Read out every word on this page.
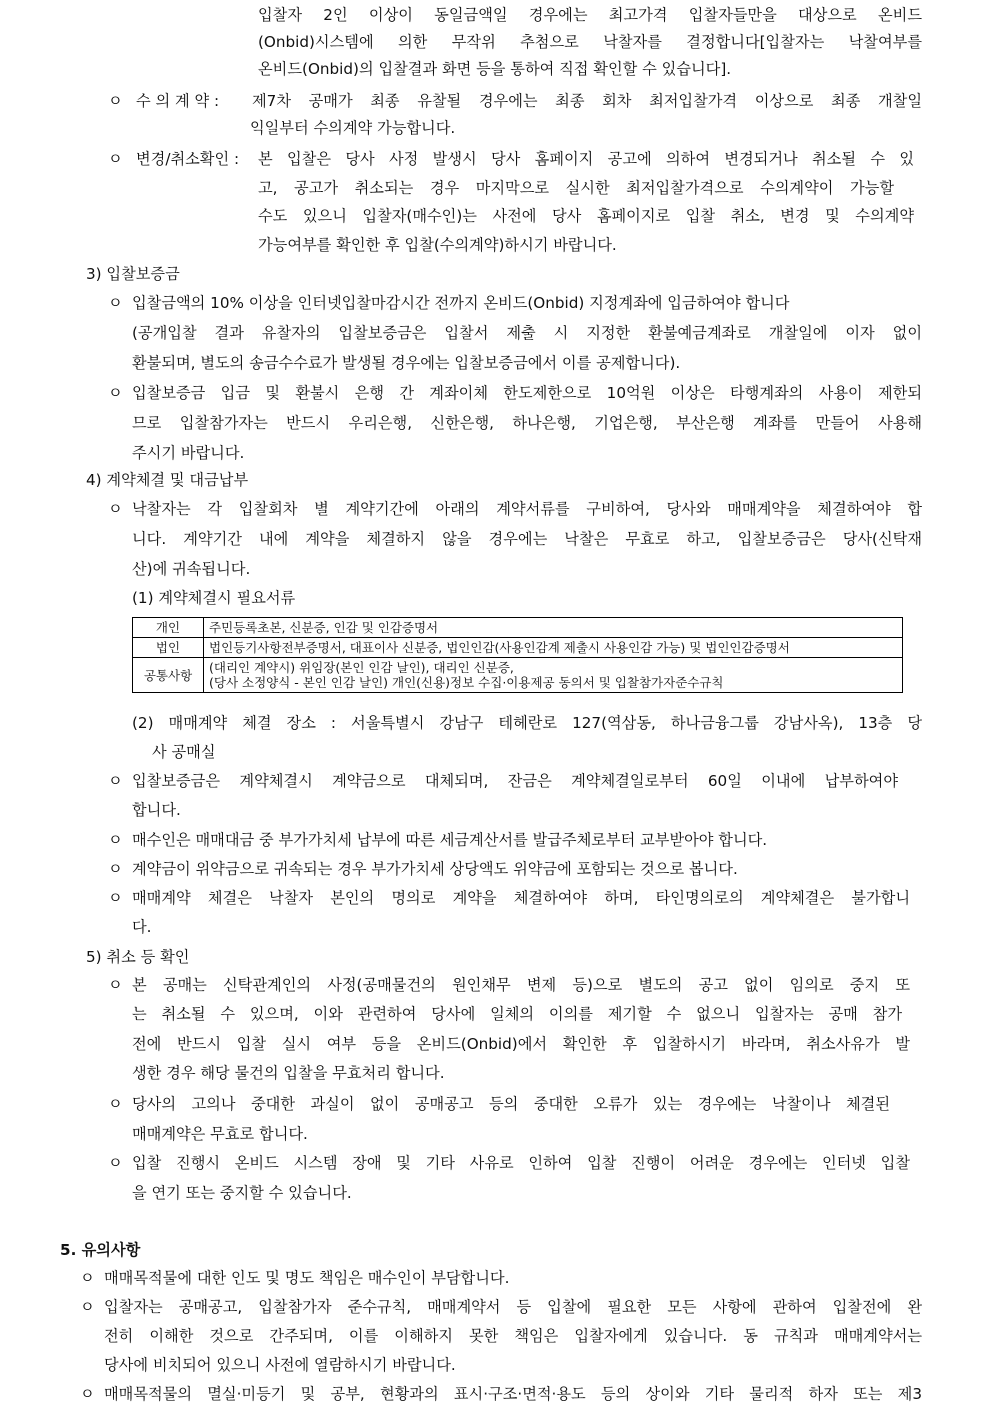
입찰자 2인 이상이 동일금액일 경우에는 최고가격 입찰자들만을 대상으로 온비드

(Onbid)시스템에 의한 무작위 추첨으로 낙찰자를 결정합니다[입찰자는 낙찰여부를

온비드(Onbid)의 입찰결과 화면 등을 통하여 직접 확인할 수 있습니다].

ㅇ 수 의 계 약 : 제7차 공매가 최종 유찰될 경우에는 최종 회차 최저입찰가격 이상으로 최종 개찰일

익일부터 수의계약 가능합니다.

ㅇ 변경/취소확인 : 본 입찰은 당사 사정 발생시 당사 홈페이지 공고에 의하여 변경되거나 취소될 수 있

고, 공고가 취소되는 경우 마지막으로 실시한 최저입찰가격으로 수의계약이 가능할

수도 있으니 입찰자(매수인)는 사전에 당사 홈페이지로 입찰 취소, 변경 및 수의계약

가능여부를 확인한 후 입찰(수의계약)하시기 바랍니다.

3) 입찰보증금

ㅇ 입찰금액의 10% 이상을 인터넷입찰마감시간 전까지 온비드(Onbid) 지정계좌에 입금하여야 합니다

(공개입찰 결과 유찰자의 입찰보증금은 입찰서 제출 시 지정한 환불예금계좌로 개찰일에 이자 없이

환불되며, 별도의 송금수수료가 발생될 경우에는 입찰보증금에서 이를 공제합니다).

ㅇ 입찰보증금 입금 및 환불시 은행 간 계좌이체 한도제한으로 10억원 이상은 타행계좌의 사용이 제한되

므로 입찰참가자는 반드시 우리은행, 신한은행, 하나은행, 기업은행, 부산은행 계좌를 만들어 사용해

주시기 바랍니다.

4) 계약체결 및 대금납부

ㅇ 낙찰자는 각 입찰회차 별 계약기간에 아래의 계약서류를 구비하여, 당사와 매매계약을 체결하여야 합

니다. 계약기간 내에 계약을 체결하지 않을 경우에는 낙찰은 무효로 하고, 입찰보증금은 당사(신탁재

산)에 귀속됩니다.

(1) 계약체결시 필요서류

개인	주민등록초본, 신분증, 인감 및 인감증명서
법인	법인등기사항전부증명서, 대표이사 신분증, 법인인감(사용인감계 제출시 사용인감 가능) 및 법인인감증명서
공통사항	(대리인 계약시) 위임장(본인 인감 날인), 대리인 신분증,
(당사 소정양식 - 본인 인감 날인) 개인(신용)정보 수집·이용제공 동의서 및 입찰참가자준수규칙

(2) 매매계약 체결 장소 : 서울특별시 강남구 테헤란로 127(역삼동, 하나금융그룹 강남사옥), 13층 당

사 공매실

ㅇ 입찰보증금은 계약체결시 계약금으로 대체되며, 잔금은 계약체결일로부터 60일 이내에 납부하여야

합니다.

ㅇ 매수인은 매매대금 중 부가가치세 납부에 따른 세금계산서를 발급주체로부터 교부받아야 합니다.

ㅇ 계약금이 위약금으로 귀속되는 경우 부가가치세 상당액도 위약금에 포함되는 것으로 봅니다.

ㅇ 매매계약 체결은 낙찰자 본인의 명의로 계약을 체결하여야 하며, 타인명의로의 계약체결은 불가합니

다.

5) 취소 등 확인

ㅇ 본 공매는 신탁관계인의 사정(공매물건의 원인채무 변제 등)으로 별도의 공고 없이 임의로 중지 또

는 취소될 수 있으며, 이와 관련하여 당사에 일체의 이의를 제기할 수 없으니 입찰자는 공매 참가

전에 반드시 입찰 실시 여부 등을 온비드(Onbid)에서 확인한 후 입찰하시기 바라며, 취소사유가 발

생한 경우 해당 물건의 입찰을 무효처리 합니다.

ㅇ 당사의 고의나 중대한 과실이 없이 공매공고 등의 중대한 오류가 있는 경우에는 낙찰이나 체결된

매매계약은 무효로 합니다.

ㅇ 입찰 진행시 온비드 시스템 장애 및 기타 사유로 인하여 입찰 진행이 어려운 경우에는 인터넷 입찰

을 연기 또는 중지할 수 있습니다.

5. 유의사항

ㅇ 매매목적물에 대한 인도 및 명도 책임은 매수인이 부담합니다.

ㅇ 입찰자는 공매공고, 입찰참가자 준수규칙, 매매계약서 등 입찰에 필요한 모든 사항에 관하여 입찰전에 완

전히 이해한 것으로 간주되며, 이를 이해하지 못한 책임은 입찰자에게 있습니다. 동 규칙과 매매계약서는

당사에 비치되어 있으니 사전에 열람하시기 바랍니다.

ㅇ 매매목적물의 멸실·미등기 및 공부, 현황과의 표시·구조·면적·용도 등의 상이와 기타 물리적 하자 또는 제3
